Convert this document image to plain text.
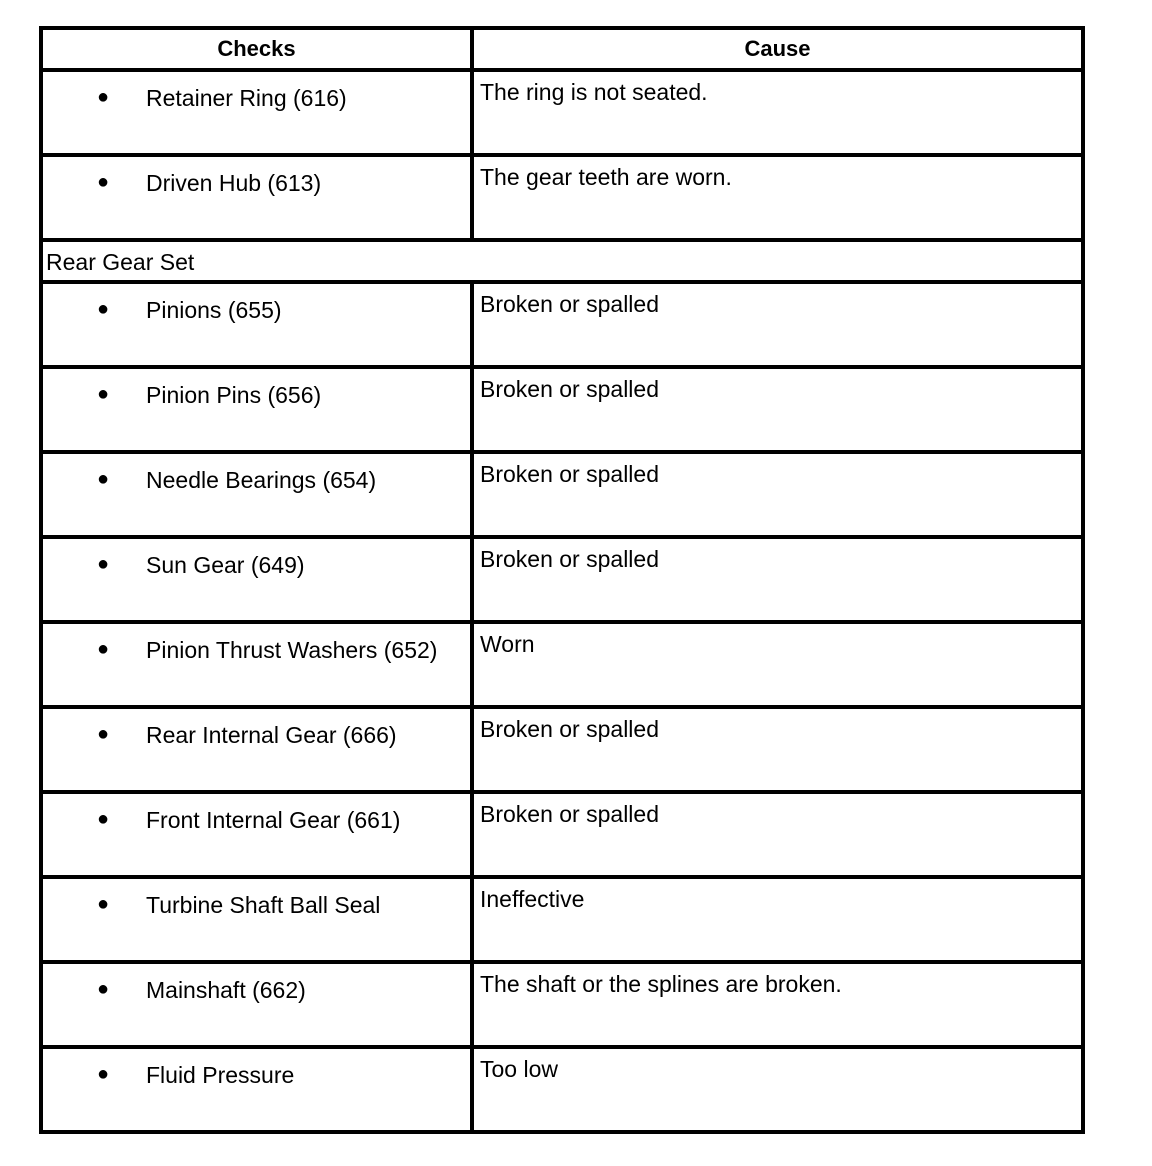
Checks	Cause

● Retainer Ring (616)	The ring is not seated.

● Driven Hub (613)	The gear teeth are worn.

Rear Gear Set	

● Pinions (655)	Broken or spalled

● Pinion Pins (656)	Broken or spalled

● Needle Bearings (654)	Broken or spalled

● Sun Gear (649)	Broken or spalled

● Pinion Thrust Washers (652)	Worn

● Rear Internal Gear (666)	Broken or spalled

● Front Internal Gear (661)	Broken or spalled

● Turbine Shaft Ball Seal	Ineffective

● Mainshaft (662)	The shaft or the splines are broken.

● Fluid Pressure	Too low
